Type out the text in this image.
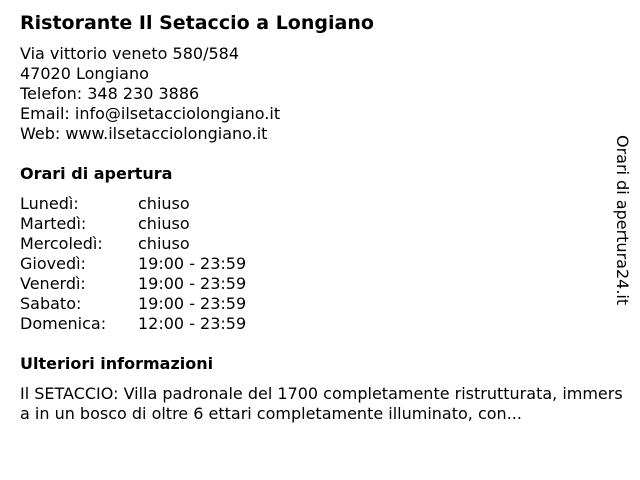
Ristorante Il Setaccio a Longiano
Via vittorio veneto 580/584
47020 Longiano
Telefon: 348 230 3886
Email: info@ilsetacciolongiano.it
Web: www.ilsetacciolongiano.it
Orari di apertura
Lunedì:	chiuso
Martedì:	chiuso
Mercoledì:	chiuso
Giovedì:	19:00 - 23:59
Venerdì:	19:00 - 23:59
Sabato:	19:00 - 23:59
Domenica:	12:00 - 23:59
Ulteriori informazioni
Il SETACCIO: Villa padronale del 1700 completamente ristrutturata, immersa in un bosco di oltre 6 ettari completamente illuminato, con...
Orari di apertura24.it
